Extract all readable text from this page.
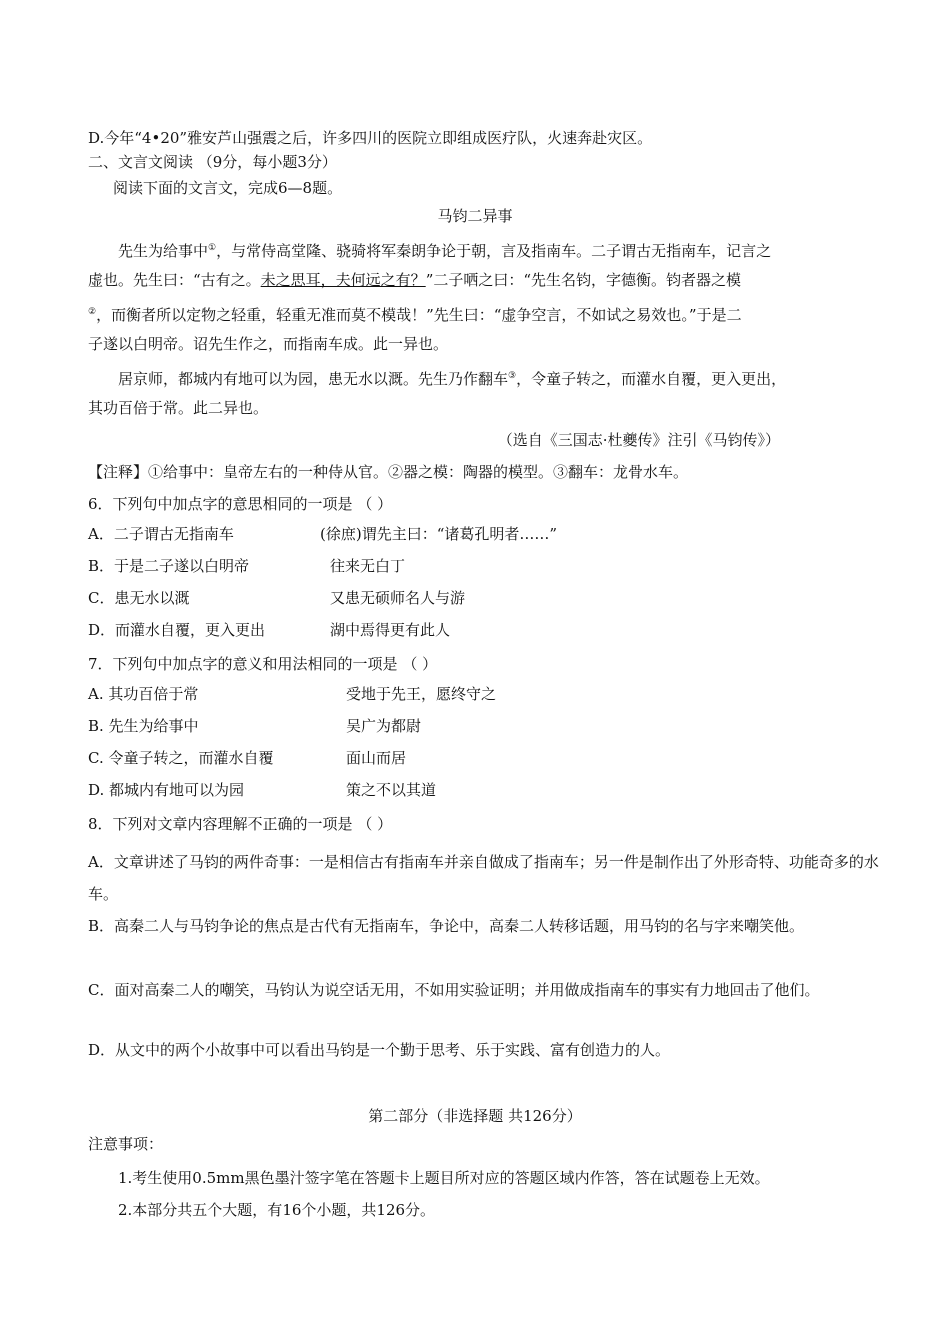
D.今年“4•20”雅安芦山强震之后，许多四川的医院立即组成医疗队，火速奔赴灾区。
二、文言文阅读 （9分，每小题3分）
阅读下面的文言文，完成6—8题。
马钧二异事
先生为给事中①，与常侍高堂隆、骁骑将军秦朗争论于朝，言及指南车。二子谓古无指南车，记言之
虚也。先生曰：“古有之。未之思耳，夫何远之有？”二子哂之曰：“先生名钧，字德衡。钧者器之模
②，而衡者所以定物之轻重，轻重无准而莫不模哉！”先生曰：“虚争空言，不如试之易效也。”于是二
子遂以白明帝。诏先生作之，而指南车成。此一异也。
居京师，都城内有地可以为园，患无水以溉。先生乃作翻车③，令童子转之，而灌水自覆，更入更出，
其功百倍于常。此二异也。
（选自《三国志·杜夔传》注引《马钧传》）
【注释】①给事中：皇帝左右的一种侍从官。②器之模：陶器的模型。③翻车：龙骨水车。
6．下列句中加点字的意思相同的一项是 （ ）
A．二子谓古无指南车	(徐庶)谓先主曰：“诸葛孔明者……”
B．于是二子遂以白明帝	往来无白丁
C．患无水以溉	又患无硕师名人与游
D．而灌水自覆，更入更出	湖中焉得更有此人
7．下列句中加点字的意义和用法相同的一项是 （ ）
A. 其功百倍于常	受地于先王，愿终守之
B. 先生为给事中	吴广为都尉
C. 令童子转之，而灌水自覆	面山而居
D. 都城内有地可以为园	策之不以其道
8．下列对文章内容理解不正确的一项是 （ ）
A．文章讲述了马钧的两件奇事：一是相信古有指南车并亲自做成了指南车；另一件是制作出了外形奇特、功能奇多的水车。
B．高秦二人与马钧争论的焦点是古代有无指南车，争论中，高秦二人转移话题，用马钧的名与字来嘲笑他。
C．面对高秦二人的嘲笑，马钧认为说空话无用，不如用实验证明；并用做成指南车的事实有力地回击了他们。
D．从文中的两个小故事中可以看出马钧是一个勤于思考、乐于实践、富有创造力的人。
第二部分（非选择题 共126分）
注意事项：
1.考生使用0.5mm黑色墨汁签字笔在答题卡上题目所对应的答题区域内作答，答在试题卷上无效。
2.本部分共五个大题，有16个小题，共126分。
